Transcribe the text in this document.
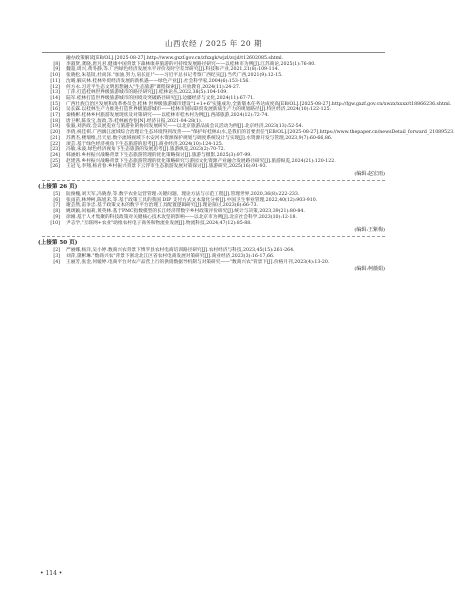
山西农经 / 2025 年 20 期
融办政策解读[EB/OL].[2025-08-27].http://www.gxzf.gov.cn/zfxxgk/wjzl/zcjd/t12602085.shtml.
[8]	李淑贤,龚晓,唐凡君.健康中国背景下森林康养旅游的可持续发展路径研究——以桂林市为例[J].江苏商论,2025(1):76-80.
[9]	魏超,周兴,黄冬静,等.广西绿色经济发展水平评价及时空差异研究[J].科技和产业,2021,21(8):109-114.
[10]	张晓松,朱基钗,杜尚泽."加油,努力,肩长征!"——习近平总书记考察广西纪实[J].当代广西,2021(9):12-15.
[11]	沈晴,解庆林.桂林外贸经济发展的新机遇——绿色产业[J].社会科学家,2004(6):153-156.
[12]	何方永.习近平生态文明思想融入"生态旅游"课程探索[J].开放教育,2024(11):24-27.
[13]	丁萍.打造桂林世界级旅游城市的路径研究[J].桂林论丛,2022,38(5):104-109.
[14]	陆军.桂林打造世界级旅游城市的困境及突破路径研究[J].边疆经济与文化,2024(11):67-71.
[15]	广西壮族自治区发展和改革委员会.桂林 世界级旅游城市建设"1+1+6"实施成功,全新版本任务达成度高[EB/OL].[2025-08-27].http://fgw.gxzf.gov.cn/xwzx/xxxx/t18866236.shtml.
[16]	吴长霖.以桂林生产力推进打造世界级旅游城市——桂林市国际联贸发展新质生产力的规划路径[J].特区经济,2024(10):122-125.
[17]	秦梭彬.桂林乡村旅游发展现状及对策研究——以桂林市桂木村为例[J].西部旅游,2024(12):72-74.
[18]	唐卫彬,陈发宝,詹政,等.桂林画卷卷[N].经济日报,2021-04-28(1).
[19]	张毅,刘洪政.会议展览业与旅游业的协同发展研究——以北京旅游品质会议活动为例[J].北京经济,2023(13):52-54.
[20]	李倩,祝佳祺.广西漓江流域综合治理让生态环境得到改善——"保护好桂林山水,是我们的首要责任"[EB/OL].[2025-08-27].https://www.thepaper.cn/newsDetail_forward_21089523.
[21]	苏骋杰,楼瑞维,吕天星.数字流域视域下水安河水资源保护规划与调度系统设计与实现[J].水资源开发与管理,2023,9(7):60-66,86.
[22]	项芸.基于绿色经济视角下生态旅游的思考[J].商业经济,2024(10):124-125.
[23]	冯敏,朱波.绿色经济视角下生态旅游的发展思考[J].旅游纵览,2023(2):70-72.
[24]	韩涵姐.乡村振兴战略背景下生态旅游管理的优化策略探讨[J].旅游与摄影,2025(3):97-99.
[25]	赵建茜.乡村振兴战略背景下生态旅游管理的优化策略研究与游园文化资源产业融合发展路径研究[J].旅游纵览,2024(21):120-122.
[26]	王冠飞,李翔,杨君春.乡村振兴背景下云浮市生态旅游发展对策探讨[J].旅游研究,2025(16):91-93.
(编辑:赵宏雨)
(上接第 26 页)
[5]	阮俊槐,刘天军,冯晓春,等.数字农业运营管理:关键问题、理论方法与示范工程[J].管理世界,2020,36(8):222-233.
[6]	张雨苗,林坤柯,陈旭禾,等.基于政策工具的我国 DIP 支付方式文本量化分析[J].中国卫生事业管理,2022,40(12):903-910.
[7]	谢芸然,雷争忠.基于政策文本的数字平台治理工具配置逻辑研究[J].理论探讨,2023(6):66-73.
[8]	姚颂颖,闰福莉,黄英林.基于PMC指数模型的长江经济带数字乡村政策评价研究[J].统计与决策,2023,39(21):80-84.
[9]	徐刚.基于人才集聚的科技政策对关键核心技术攻坚的影响——以北京市为例[J].北京社会科学,2023(10):12-18.
[10]	尹志学,"互联网+农业"助推农村电子商务和物流业发展[J].物流科技,2024,47(12):85-88.
(编辑:王紫梅)
(上接第 50 页)
[2]	严丽娜,杨洋,吴小婷.数商兴农背景下博罗县农村电商培训路径研究[J].农村经济与科技,2023,45(15):261-264.
[3]	刘萍,黛彬琳."数商兴农"背景下浙北北江区省农村电商发展对策研究[J].商业经济,2023(3):16-17,66.
[4]	王丽芳,张金,何媛婷.电商平台对农产品营上行的供销数据导机制与对策研究——"数商兴农"背景下[J].价格月刊,2023(4):13-20.
(编辑:柯薇娟)
• 114 •
